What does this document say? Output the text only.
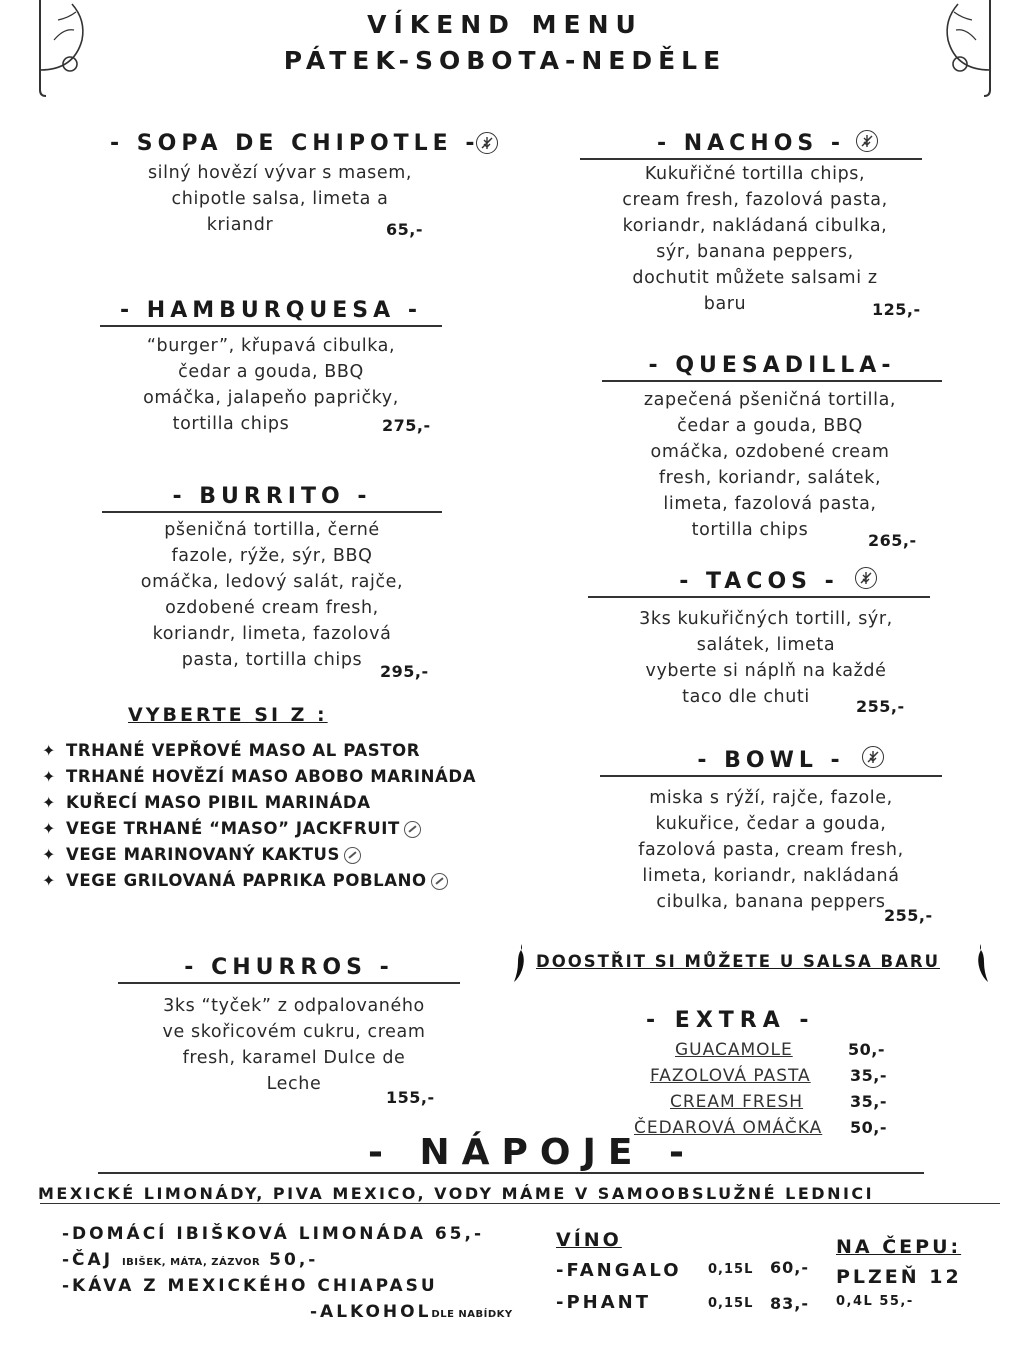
VÍKEND MENU
PÁTEK-SOBOTA-NEDĚLE
- SOPA DE CHIPOTLE -
silný hovězí vývar s masem,
chipotle salsa, limeta a
kriandr	65,-
- HAMBURQUESA -
“burger”, křupavá cibulka,
čedar a gouda, BBQ
omáčka, jalapeňo papričky,
tortilla chips	275,-
- BURRITO -
pšeničná tortilla, černé
fazole, rýže, sýr, BBQ
omáčka, ledový salát, rajče,
ozdobené cream fresh,
koriandr, limeta, fazolová
pasta, tortilla chips
295,-
VYBERTE SI Z :
✦ TRHANÉ VEPŘOVÉ MASO AL PASTOR
✦ TRHANÉ HOVĚZÍ MASO ABOBO MARINÁDA
✦ KUŘECÍ MASO PIBIL MARINÁDA
✦ VEGE TRHANÉ “MASO” JACKFRUIT
✦ VEGE MARINOVANÝ KAKTUS
✦ VEGE GRILOVANÁ PAPRIKA POBLANO
- NACHOS -
Kukuřičné tortilla chips,
cream fresh, fazolová pasta,
koriandr, nakládaná cibulka,
sýr, banana peppers,
dochutit můžete salsami z
baru	125,-
- QUESADILLA-
zapečená pšeničná tortilla,
čedar a gouda, BBQ
omáčka, ozdobené cream
fresh, koriandr, salátek,
limeta, fazolová pasta,
tortilla chips
265,-
- TACOS -
3ks kukuřičných tortill, sýr,
salátek, limeta
vyberte si náplň na každé
taco dle chuti	255,-
- BOWL -
miska s rýží, rajče, fazole,
kukuřice, čedar a gouda,
fazolová pasta, cream fresh,
limeta, koriandr, nakládaná
cibulka, banana peppers
255,-
DOOSTŘIT SI MŮŽETE U SALSA BARU
- CHURROS -
3ks “tyček” z odpalovaného
ve skořicovém cukru, cream
fresh, karamel Dulce de
Leche
155,-
- EXTRA -
GUACAMOLE	50,-
FAZOLOVÁ PASTA 35,-
CREAM FRESH	35,-
ČEDAROVÁ OMÁČKA 50,-
- NÁPOJE -
MEXICKÉ LIMONÁDY, PIVA MEXICO, VODY MÁME V SAMOOBSLUŽNÉ LEDNICI
-DOMÁCÍ IBIŠKOVÁ LIMONÁDA 65,-
-ČAJ IBIŠEK, MÁTA, ZÁZVOR 50,-
-KÁVA Z MEXICKÉHO CHIAPASU
-ALKOHOLDLE NABÍDKY
VÍNO
-FANGALO 0,15L 60,-
-PHANT	0,15L 83,-
NA ČEPU:
PLZEŇ 12
0,4L 55,-
